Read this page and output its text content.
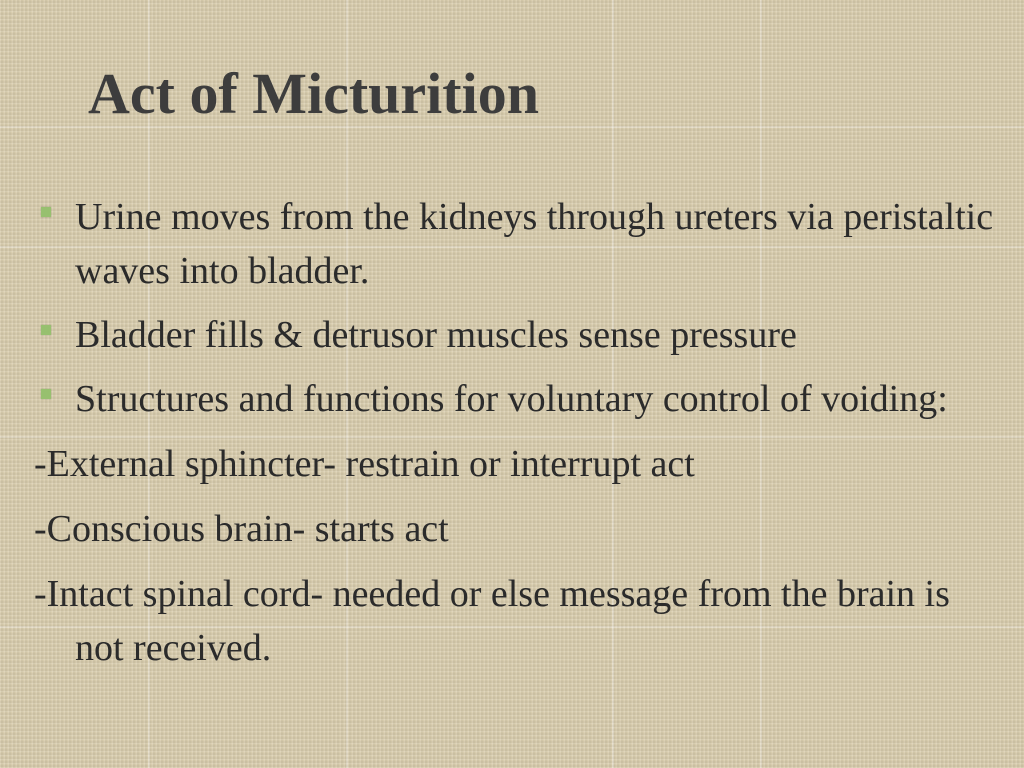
Act of Micturition
Urine moves from the kidneys through ureters via peristaltic waves into bladder.
Bladder fills & detrusor muscles sense pressure
Structures and functions for voluntary control of voiding:
-External sphincter- restrain or interrupt act
-Conscious brain- starts act
-Intact spinal cord- needed or else message from the brain is not received.
